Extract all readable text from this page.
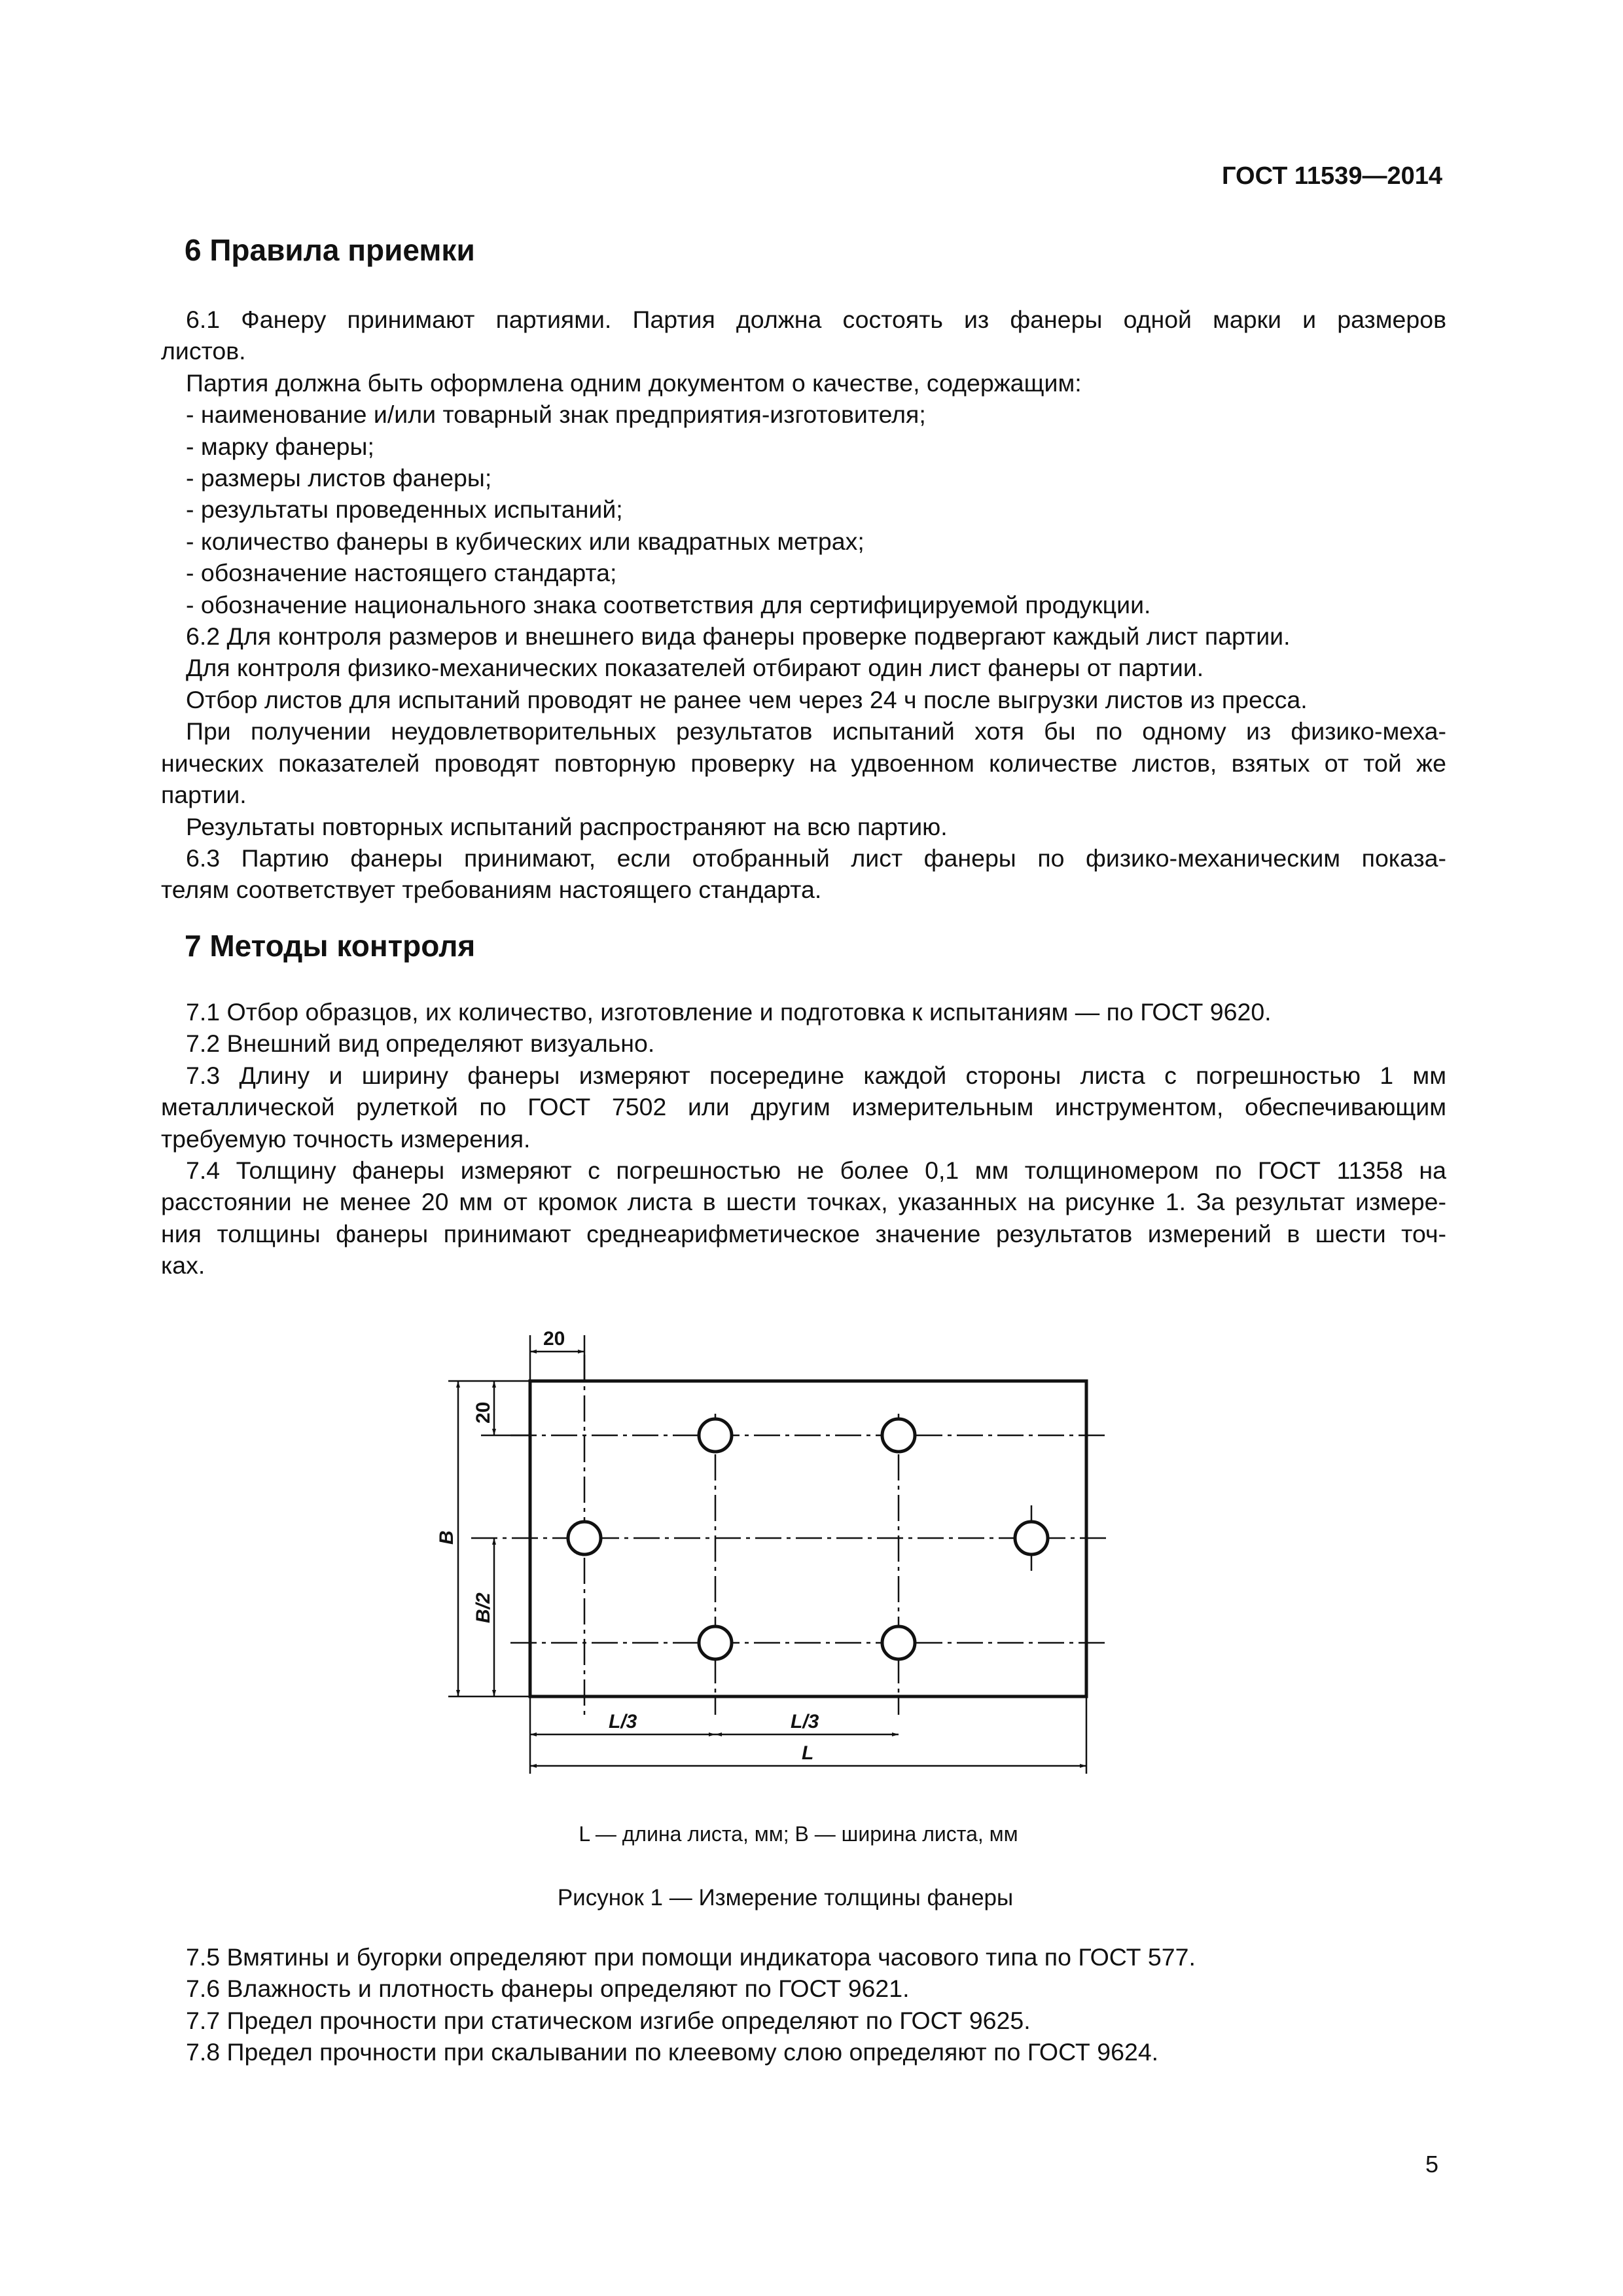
ГОСТ 11539—2014
6 Правила приемки

6.1 Фанеру принимают партиями. Партия должна состоять из фанеры одной марки и размеров

листов.

Партия должна быть оформлена одним документом о качестве, содержащим:

- наименование и/или товарный знак предприятия-изготовителя;

- марку фанеры;

- размеры листов фанеры;

- результаты проведенных испытаний;

- количество фанеры в кубических или квадратных метрах;

- обозначение настоящего стандарта;

- обозначение национального знака соответствия для сертифицируемой продукции.

6.2 Для контроля размеров и внешнего вида фанеры проверке подвергают каждый лист партии.

Для контроля физико-механических показателей отбирают один лист фанеры от партии.

Отбор листов для испытаний проводят не ранее чем через 24 ч после выгрузки листов из пресса.

При получении неудовлетворительных результатов испытаний хотя бы по одному из физико-меха-

нических показателей проводят повторную проверку на удвоенном количестве листов, взятых от той же

партии.

Результаты повторных испытаний распространяют на всю партию.

6.3 Партию фанеры принимают, если отобранный лист фанеры по физико-механическим показа-

телям соответствует требованиям настоящего стандарта.

7 Методы контроля

7.1 Отбор образцов, их количество, изготовление и подготовка к испытаниям — по ГОСТ 9620.

7.2 Внешний вид определяют визуально.

7.3 Длину и ширину фанеры измеряют посередине каждой стороны листа с погрешностью 1 мм

металлической рулеткой по ГОСТ 7502 или другим измерительным инструментом, обеспечивающим

требуемую точность измерения.

7.4 Толщину фанеры измеряют с погрешностью не более 0,1 мм толщиномером по ГОСТ 11358 на

расстоянии не менее 20 мм от кромок листа в шести точках, указанных на рисунке 1. За результат измере-

ния толщины фанеры принимают среднеарифметическое значение результатов измерений в шести точ-

ках.

20
20
B
B/2
L/3	L/3
L
L — длина листа, мм; B — ширина листа, мм
Рисунок 1 — Измерение толщины фанеры

7.5 Вмятины и бугорки определяют при помощи индикатора часового типа по ГОСТ 577.

7.6 Влажность и плотность фанеры определяют по ГОСТ 9621.

7.7 Предел прочности при статическом изгибе определяют по ГОСТ 9625.

7.8 Предел прочности при скалывании по клеевому слою определяют по ГОСТ 9624.

5
